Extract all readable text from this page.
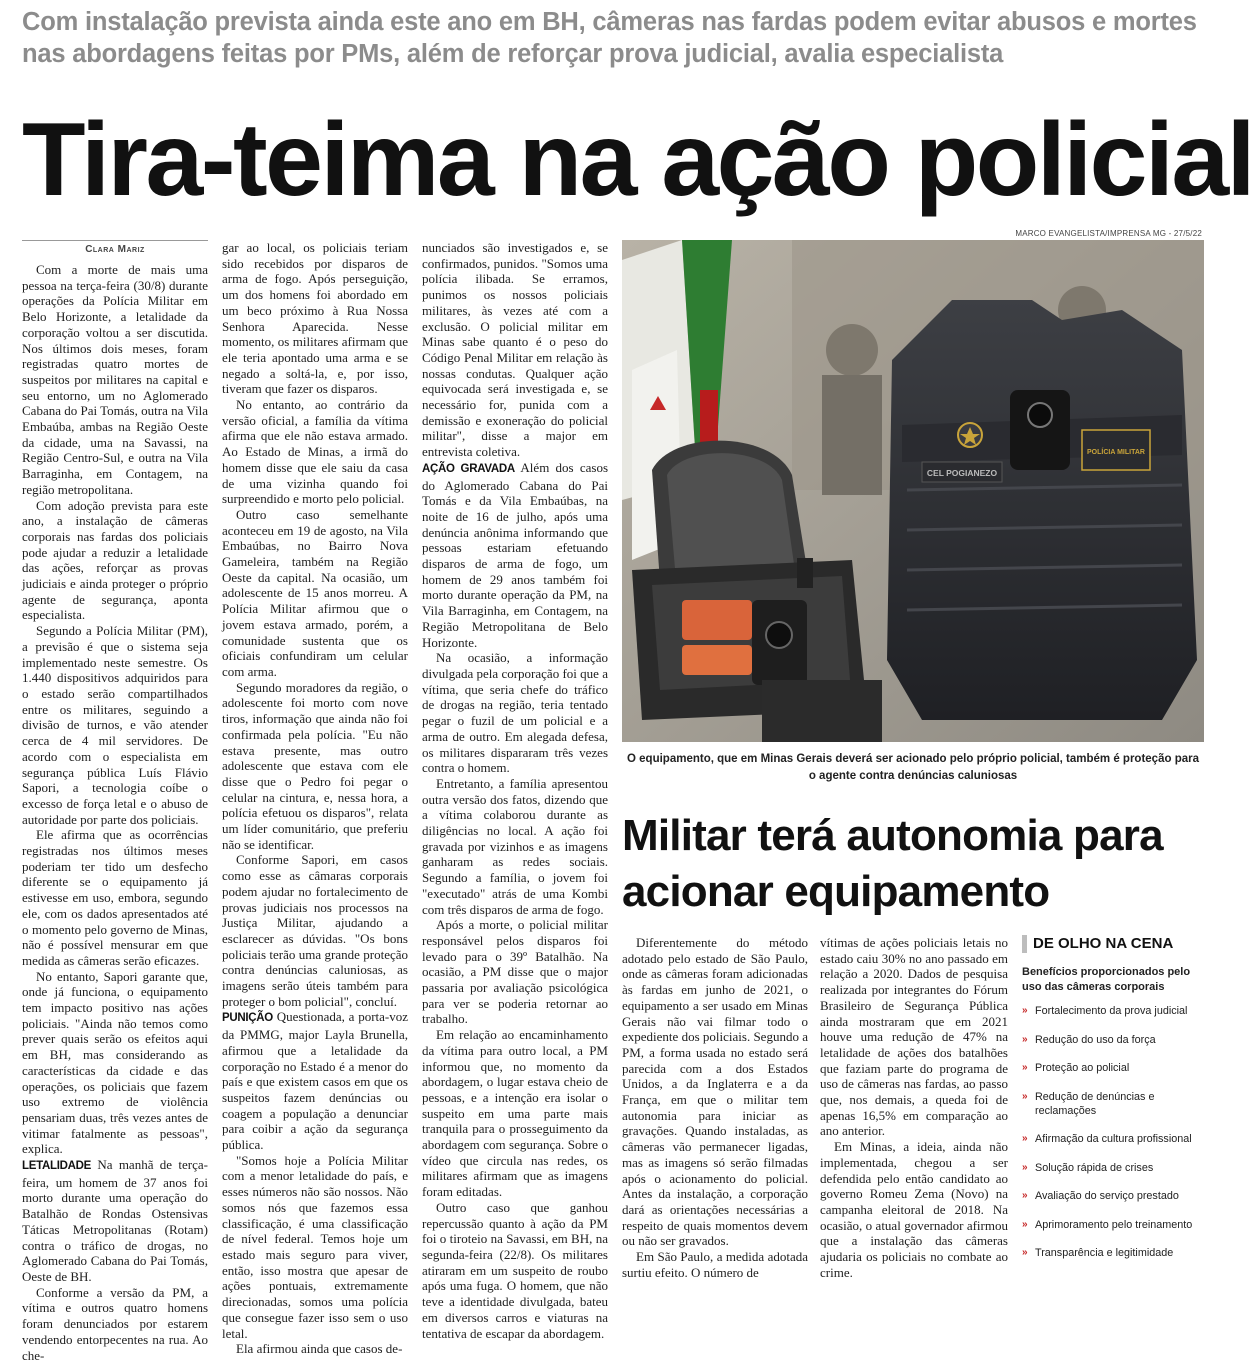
Com instalação prevista ainda este ano em BH, câmeras nas fardas podem evitar abusos e mortes nas abordagens feitas por PMs, além de reforçar prova judicial, avalia especialista
Tira-teima na ação policial
MARCO EVANGELISTA/IMPRENSA MG - 27/5/22
Clara Mariz

Com a morte de mais uma pessoa na terça-feira (30/8) durante operações da Polícia Militar em Belo Horizonte, a letalidade da corporação voltou a ser discutida. Nos últimos dois meses, foram registradas quatro mortes de suspeitos por militares na capital e seu entorno, um no Aglomerado Cabana do Pai Tomás, outra na Vila Embaúba, ambas na Região Oeste da cidade, uma na Savassi, na Região Centro-Sul, e outra na Vila Barraginha, em Contagem, na região metropolitana.

Com adoção prevista para este ano, a instalação de câmeras corporais nas fardas dos policiais pode ajudar a reduzir a letalidade das ações, reforçar as provas judiciais e ainda proteger o próprio agente de segurança, aponta especialista.

Segundo a Polícia Militar (PM), a previsão é que o sistema seja implementado neste semestre. Os 1.440 dispositivos adquiridos para o estado serão compartilhados entre os militares, seguindo a divisão de turnos, e vão atender cerca de 4 mil servidores. De acordo com o especialista em segurança pública Luís Flávio Sapori, a tecnologia coíbe o excesso de força letal e o abuso de autoridade por parte dos policiais.

Ele afirma que as ocorrências registradas nos últimos meses poderiam ter tido um desfecho diferente se o equipamento já estivesse em uso, embora, segundo ele, com os dados apresentados até o momento pelo governo de Minas, não é possível mensurar em que medida as câmeras serão eficazes.

No entanto, Sapori garante que, onde já funciona, o equipamento tem impacto positivo nas ações policiais. "Ainda não temos como prever quais serão os efeitos aqui em BH, mas considerando as características da cidade e das operações, os policiais que fazem uso extremo de violência pensariam duas, três vezes antes de vitimar fatalmente as pessoas", explica.

LETALIDADE Na manhã de terça-feira, um homem de 37 anos foi morto durante uma operação do Batalhão de Rondas Ostensivas Táticas Metropolitanas (Rotam) contra o tráfico de drogas, no Aglomerado Cabana do Pai Tomás, Oeste de BH.

Conforme a versão da PM, a vítima e outros quatro homens foram denunciados por estarem vendendo entorpecentes na rua. Ao che-

gar ao local, os policiais teriam sido recebidos por disparos de arma de fogo. Após perseguição, um dos homens foi abordado em um beco próximo à Rua Nossa Senhora Aparecida. Nesse momento, os militares afirmam que ele teria apontado uma arma e se negado a soltá-la, e, por isso, tiveram que fazer os disparos.

No entanto, ao contrário da versão oficial, a família da vítima afirma que ele não estava armado. Ao Estado de Minas, a irmã do homem disse que ele saiu da casa de uma vizinha quando foi surpreendido e morto pelo policial.

Outro caso semelhante aconteceu em 19 de agosto, na Vila Embaúbas, no Bairro Nova Gameleira, também na Região Oeste da capital. Na ocasião, um adolescente de 15 anos morreu. A Polícia Militar afirmou que o jovem estava armado, porém, a comunidade sustenta que os oficiais confundiram um celular com arma.

Segundo moradores da região, o adolescente foi morto com nove tiros, informação que ainda não foi confirmada pela polícia. "Eu não estava presente, mas outro adolescente que estava com ele disse que o Pedro foi pegar o celular na cintura, e, nessa hora, a polícia efetuou os disparos", relata um líder comunitário, que preferiu não se identificar.

Conforme Sapori, em casos como esse as câmaras corporais podem ajudar no fortalecimento de provas judiciais nos processos na Justiça Militar, ajudando a esclarecer as dúvidas. "Os bons policiais terão uma grande proteção contra denúncias caluniosas, as imagens serão úteis também para proteger o bom policial", concluí.

PUNIÇÃO Questionada, a porta-voz da PMMG, major Layla Brunella, afirmou que a letalidade da corporação no Estado é a menor do país e que existem casos em que os suspeitos fazem denúncias ou coagem a população a denunciar para coibir a ação da segurança pública.

"Somos hoje a Polícia Militar com a menor letalidade do país, e esses números não são nossos. Não somos nós que fazemos essa classificação, é uma classificação de nível federal. Temos hoje um estado mais seguro para viver, então, isso mostra que apesar de ações pontuais, extremamente direcionadas, somos uma polícia que consegue fazer isso sem o uso letal.

Ela afirmou ainda que casos de-

nunciados são investigados e, se confirmados, punidos. "Somos uma polícia ilibada. Se erramos, punimos os nossos policiais militares, às vezes até com a exclusão. O policial militar em Minas sabe quanto é o peso do Código Penal Militar em relação às nossas condutas. Qualquer ação equivocada será investigada e, se necessário for, punida com a demissão e exoneração do policial militar", disse a major em entrevista coletiva.

AÇÃO GRAVADA Além dos casos do Aglomerado Cabana do Pai Tomás e da Vila Embaúbas, na noite de 16 de julho, após uma denúncia anônima informando que pessoas estariam efetuando disparos de arma de fogo, um homem de 29 anos também foi morto durante operação da PM, na Vila Barraginha, em Contagem, na Região Metropolitana de Belo Horizonte.

Na ocasião, a informação divulgada pela corporação foi que a vítima, que seria chefe do tráfico de drogas na região, teria tentado pegar o fuzil de um policial e a arma de outro. Em alegada defesa, os militares dispararam três vezes contra o homem.

Entretanto, a família apresentou outra versão dos fatos, dizendo que a vítima colaborou durante as diligências no local. A ação foi gravada por vizinhos e as imagens ganharam as redes sociais. Segundo a família, o jovem foi "executado" atrás de uma Kombi com três disparos de arma de fogo.

Após a morte, o policial militar responsável pelos disparos foi levado para o 39º Batalhão. Na ocasião, a PM disse que o major passaria por avaliação psicológica para ver se poderia retornar ao trabalho.

Em relação ao encaminhamento da vítima para outro local, a PM informou que, no momento da abordagem, o lugar estava cheio de pessoas, e a intenção era isolar o suspeito em uma parte mais tranquila para o prosseguimento da abordagem com segurança. Sobre o vídeo que circula nas redes, os militares afirmam que as imagens foram editadas.

Outro caso que ganhou repercussão quanto à ação da PM foi o tiroteio na Savassi, em BH, na segunda-feira (22/8). Os militares atiraram em um suspeito de roubo após uma fuga. O homem, que não teve a identidade divulgada, bateu em diversos carros e viaturas na tentativa de escapar da abordagem.

CEL POGIANEZO
POLÍCIA MILITAR
O equipamento, que em Minas Gerais deverá ser acionado pelo próprio policial, também é proteção para o agente contra denúncias caluniosas
Militar terá autonomia para acionar equipamento

Diferentemente do método adotado pelo estado de São Paulo, onde as câmeras foram adicionadas às fardas em junho de 2021, o equipamento a ser usado em Minas Gerais não vai filmar todo o expediente dos policiais. Segundo a PM, a forma usada no estado será parecida com a dos Estados Unidos, a da Inglaterra e a da França, em que o militar tem autonomia para iniciar as gravações. Quando instaladas, as câmeras vão permanecer ligadas, mas as imagens só serão filmadas após o acionamento do policial. Antes da instalação, a corporação dará as orientações necessárias a respeito de quais momentos devem ou não ser gravados.

Em São Paulo, a medida adotada surtiu efeito. O número de

vítimas de ações policiais letais no estado caiu 30% no ano passado em relação a 2020. Dados de pesquisa realizada por integrantes do Fórum Brasileiro de Segurança Pública ainda mostraram que em 2021 houve uma redução de 47% na letalidade de ações dos batalhões que faziam parte do programa de uso de câmeras nas fardas, ao passo que, nos demais, a queda foi de apenas 16,5% em comparação ao ano anterior.

Em Minas, a ideia, ainda não implementada, chegou a ser defendida pelo então candidato ao governo Romeu Zema (Novo) na campanha eleitoral de 2018. Na ocasião, o atual governador afirmou que a instalação das câmeras ajudaria os policiais no combate ao crime.

DE OLHO NA CENA
Benefícios proporcionados pelo uso das câmeras corporais
» Fortalecimento da prova judicial
» Redução do uso da força
» Proteção ao policial
» Redução de denúncias e reclamações
» Afirmação da cultura profissional
» Solução rápida de crises
» Avaliação do serviço prestado
» Aprimoramento pelo treinamento
» Transparência e legitimidade
